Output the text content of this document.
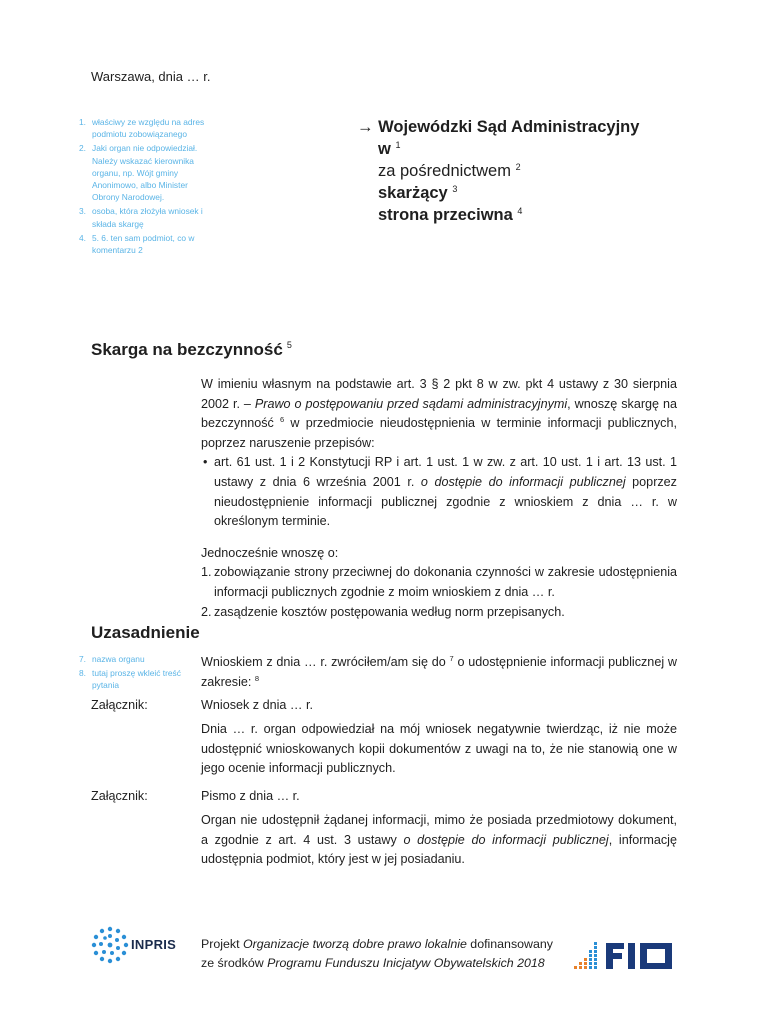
Warszawa, dnia … r.
1. właściwy ze względu na adres podmiotu zobowiązanego
2. Jaki organ nie odpowiedział. Należy wskazać kierownika organu, np. Wójt gminy Anonimowo, albo Minister Obrony Narodowej.
3. osoba, która złożyła wniosek i składa skargę
4. 5. 6. ten sam podmiot, co w komentarzu 2
→ Wojewódzki Sąd Administracyjny
w $^1$
za pośrednictwem $^2$
skarżący $^3$
strona przeciwna $^4$
Skarga na bezczynność $^5$
W imieniu własnym na podstawie art. 3 § 2 pkt 8 w zw. pkt 4 ustawy z 30 sierpnia 2002 r. – Prawo o postępowaniu przed sądami administracyjnymi, wnoszę skargę na bezczynność $^6$ w przedmiocie nieudostępnienia w terminie informacji publicznych, poprzez naruszenie przepisów:
• art. 61 ust. 1 i 2 Konstytucji RP i art. 1 ust. 1 w zw. z art. 10 ust. 1 i art. 13 ust. 1 ustawy z dnia 6 września 2001 r. o dostępie do informacji publicznej poprzez nieudostępnienie informacji publicznej zgodnie z wnioskiem z dnia … r. w określonym terminie.
Jednocześnie wnoszę o:
1. zobowiązanie strony przeciwnej do dokonania czynności w zakresie udostępnienia informacji publicznych zgodnie z moim wnioskiem z dnia … r.
2. zasądzenie kosztów postępowania według norm przepisanych.
Uzasadnienie
7. nazwa organu
8. tutaj proszę wkleić treść pytania
Wnioskiem z dnia … r. zwróciłem/am się do $^7$ o udostępnienie informacji publicznej w zakresie: $^8$
Załącznik:	Wniosek z dnia … r.
Dnia … r. organ odpowiedział na mój wniosek negatywnie twierdząc, iż nie może udostępnić wnioskowanych kopii dokumentów z uwagi na to, że nie stanowią one w jego ocenie informacji publicznych.
Załącznik:	Pismo z dnia … r.
Organ nie udostępnił żądanej informacji, mimo że posiada przedmiotowy dokument, a zgodnie z art. 4 ust. 3 ustawy o dostępie do informacji publicznej, informację udostępnia podmiot, który jest w jej posiadaniu.
INPRIS Projekt Organizacje tworzą dobre prawo lokalnie dofinansowany
ze środków Programu Funduszu Inicjatyw Obywatelskich 2018
